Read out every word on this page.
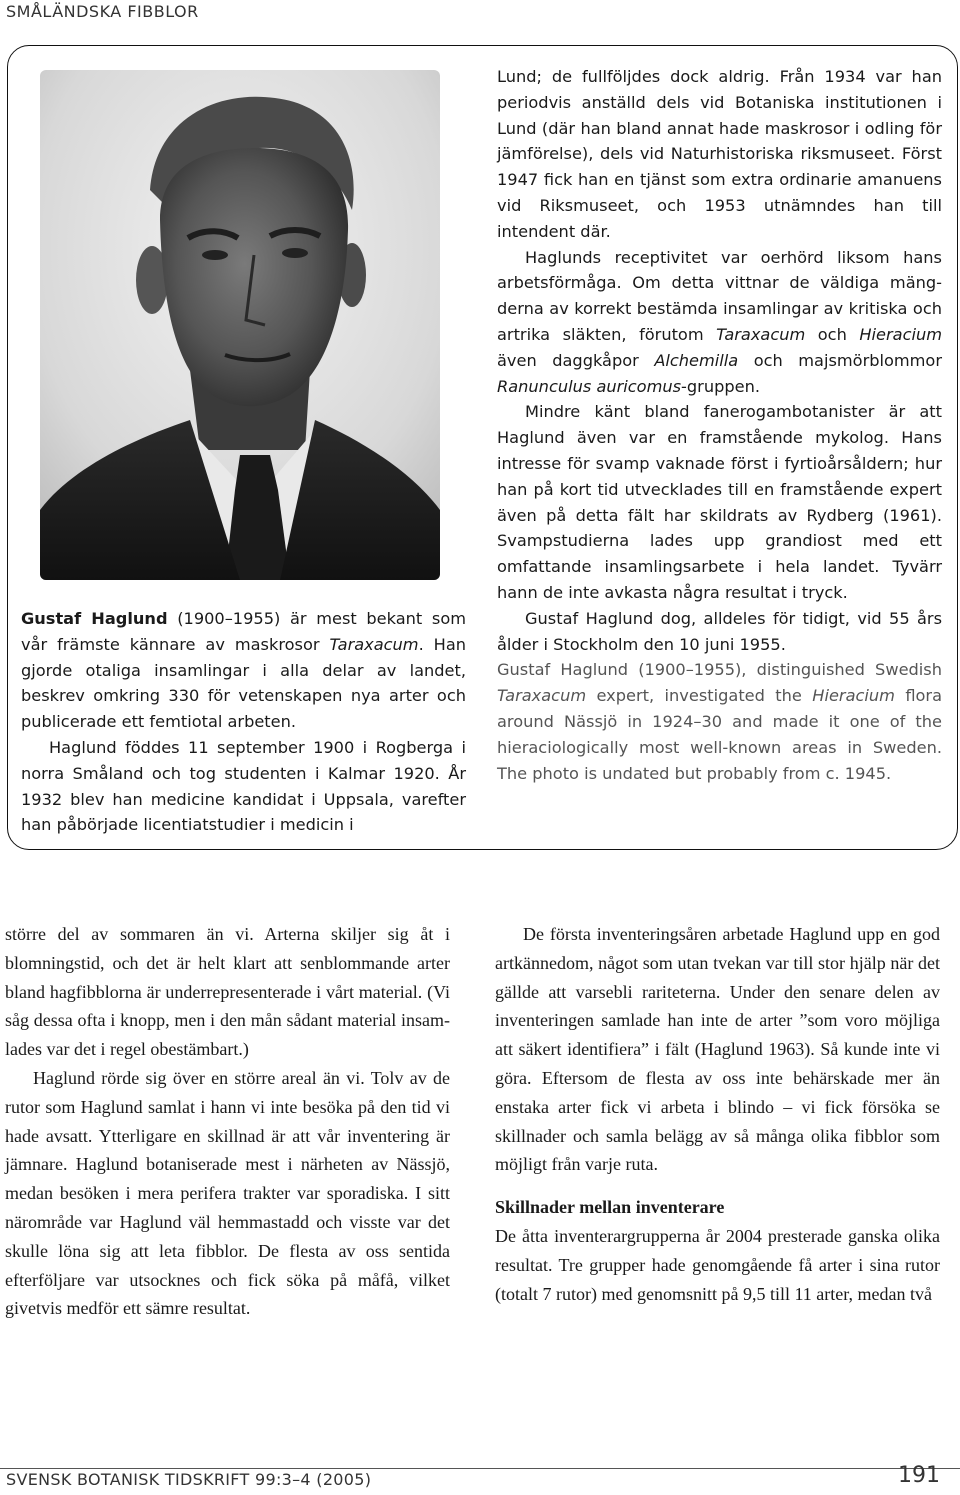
SMÅLÄNDSKA FIBBLOR

Gustaf Haglund (1900–1955) är mest bekant som vår främste kännare av maskrosor Taraxacum. Han gjorde otaliga insamlingar i alla delar av landet, beskrev omkring 330 för vetenskapen nya arter och publicerade ett femtiotal arbeten.

Haglund föddes 11 september 1900 i Rogberga i norra Småland och tog studenten i Kalmar 1920. År 1932 blev han medicine kandidat i Uppsala, varefter han påbörjade licentiatstudier i medicin i

Lund; de fullföljdes dock aldrig. Från 1934 var han periodvis anställd dels vid Botaniska institutionen i Lund (där han bland annat hade maskrosor i odling för jämförelse), dels vid Naturhistoriska riksmuseet. Först 1947 fick han en tjänst som extra ordinarie amanuens vid Riksmuseet, och 1953 utnämndes han till intendent där.

Haglunds receptivitet var oerhörd liksom hans arbetsförmåga. Om detta vittnar de väldiga mängderna av korrekt bestämda insamlingar av kritiska och artrika släkten, förutom Taraxacum och Hieracium även daggkåpor Alchemilla och majsmörblommor Ranunculus auricomus-gruppen.

Mindre känt bland fanerogambotanister är att Haglund även var en framstående mykolog. Hans intresse för svamp vaknade först i fyrtioårsåldern; hur han på kort tid utvecklades till en framstående expert även på detta fält har skildrats av Rydberg (1961). Svampstudierna lades upp grandiost med ett omfattande insamlingsarbete i hela landet. Tyvärr hann de inte avkasta några resultat i tryck.

Gustaf Haglund dog, alldeles för tidigt, vid 55 års ålder i Stockholm den 10 juni 1955.

Gustaf Haglund (1900–1955), distinguished Swedish Taraxacum expert, investigated the Hieracium flora around Nässjö in 1924–30 and made it one of the hieraciologically most well-known areas in Sweden. The photo is undated but probably from c. 1945.

större del av sommaren än vi. Arterna skiljer sig åt i blomningstid, och det är helt klart att senblommande arter bland hagfibblorna är underrepresenterade i vårt material. (Vi såg dessa ofta i knopp, men i den mån sådant material insamlades var det i regel obestämbart.)

Haglund rörde sig över en större areal än vi. Tolv av de rutor som Haglund samlat i hann vi inte besöka på den tid vi hade avsatt. Ytterligare en skillnad är att vår inventering är jämnare. Haglund botaniserade mest i närheten av Nässjö, medan besöken i mera perifera trakter var sporadiska. I sitt närområde var Haglund väl hemmastadd och visste var det skulle löna sig att leta fibblor. De flesta av oss sentida efterföljare var utsocknes och fick söka på måfå, vilket givetvis medför ett sämre resultat.

De första inventeringsåren arbetade Haglund upp en god artkännedom, något som utan tvekan var till stor hjälp när det gällde att varsebli rariteterna. Under den senare delen av inventeringen samlade han inte de arter ”som voro möjliga att säkert identifiera” i fält (Haglund 1963). Så kunde inte vi göra. Eftersom de flesta av oss inte behärskade mer än enstaka arter fick vi arbeta i blindo – vi fick försöka se skillnader och samla belägg av så många olika fibblor som möjligt från varje ruta.

Skillnader mellan inventerare

De åtta inventerargrupperna år 2004 presterade ganska olika resultat. Tre grupper hade genomgående få arter i sina rutor (totalt 7 rutor) med genomsnitt på 9,5 till 11 arter, medan två

SVENSK BOTANISK TIDSKRIFT 99:3–4 (2005)	191
